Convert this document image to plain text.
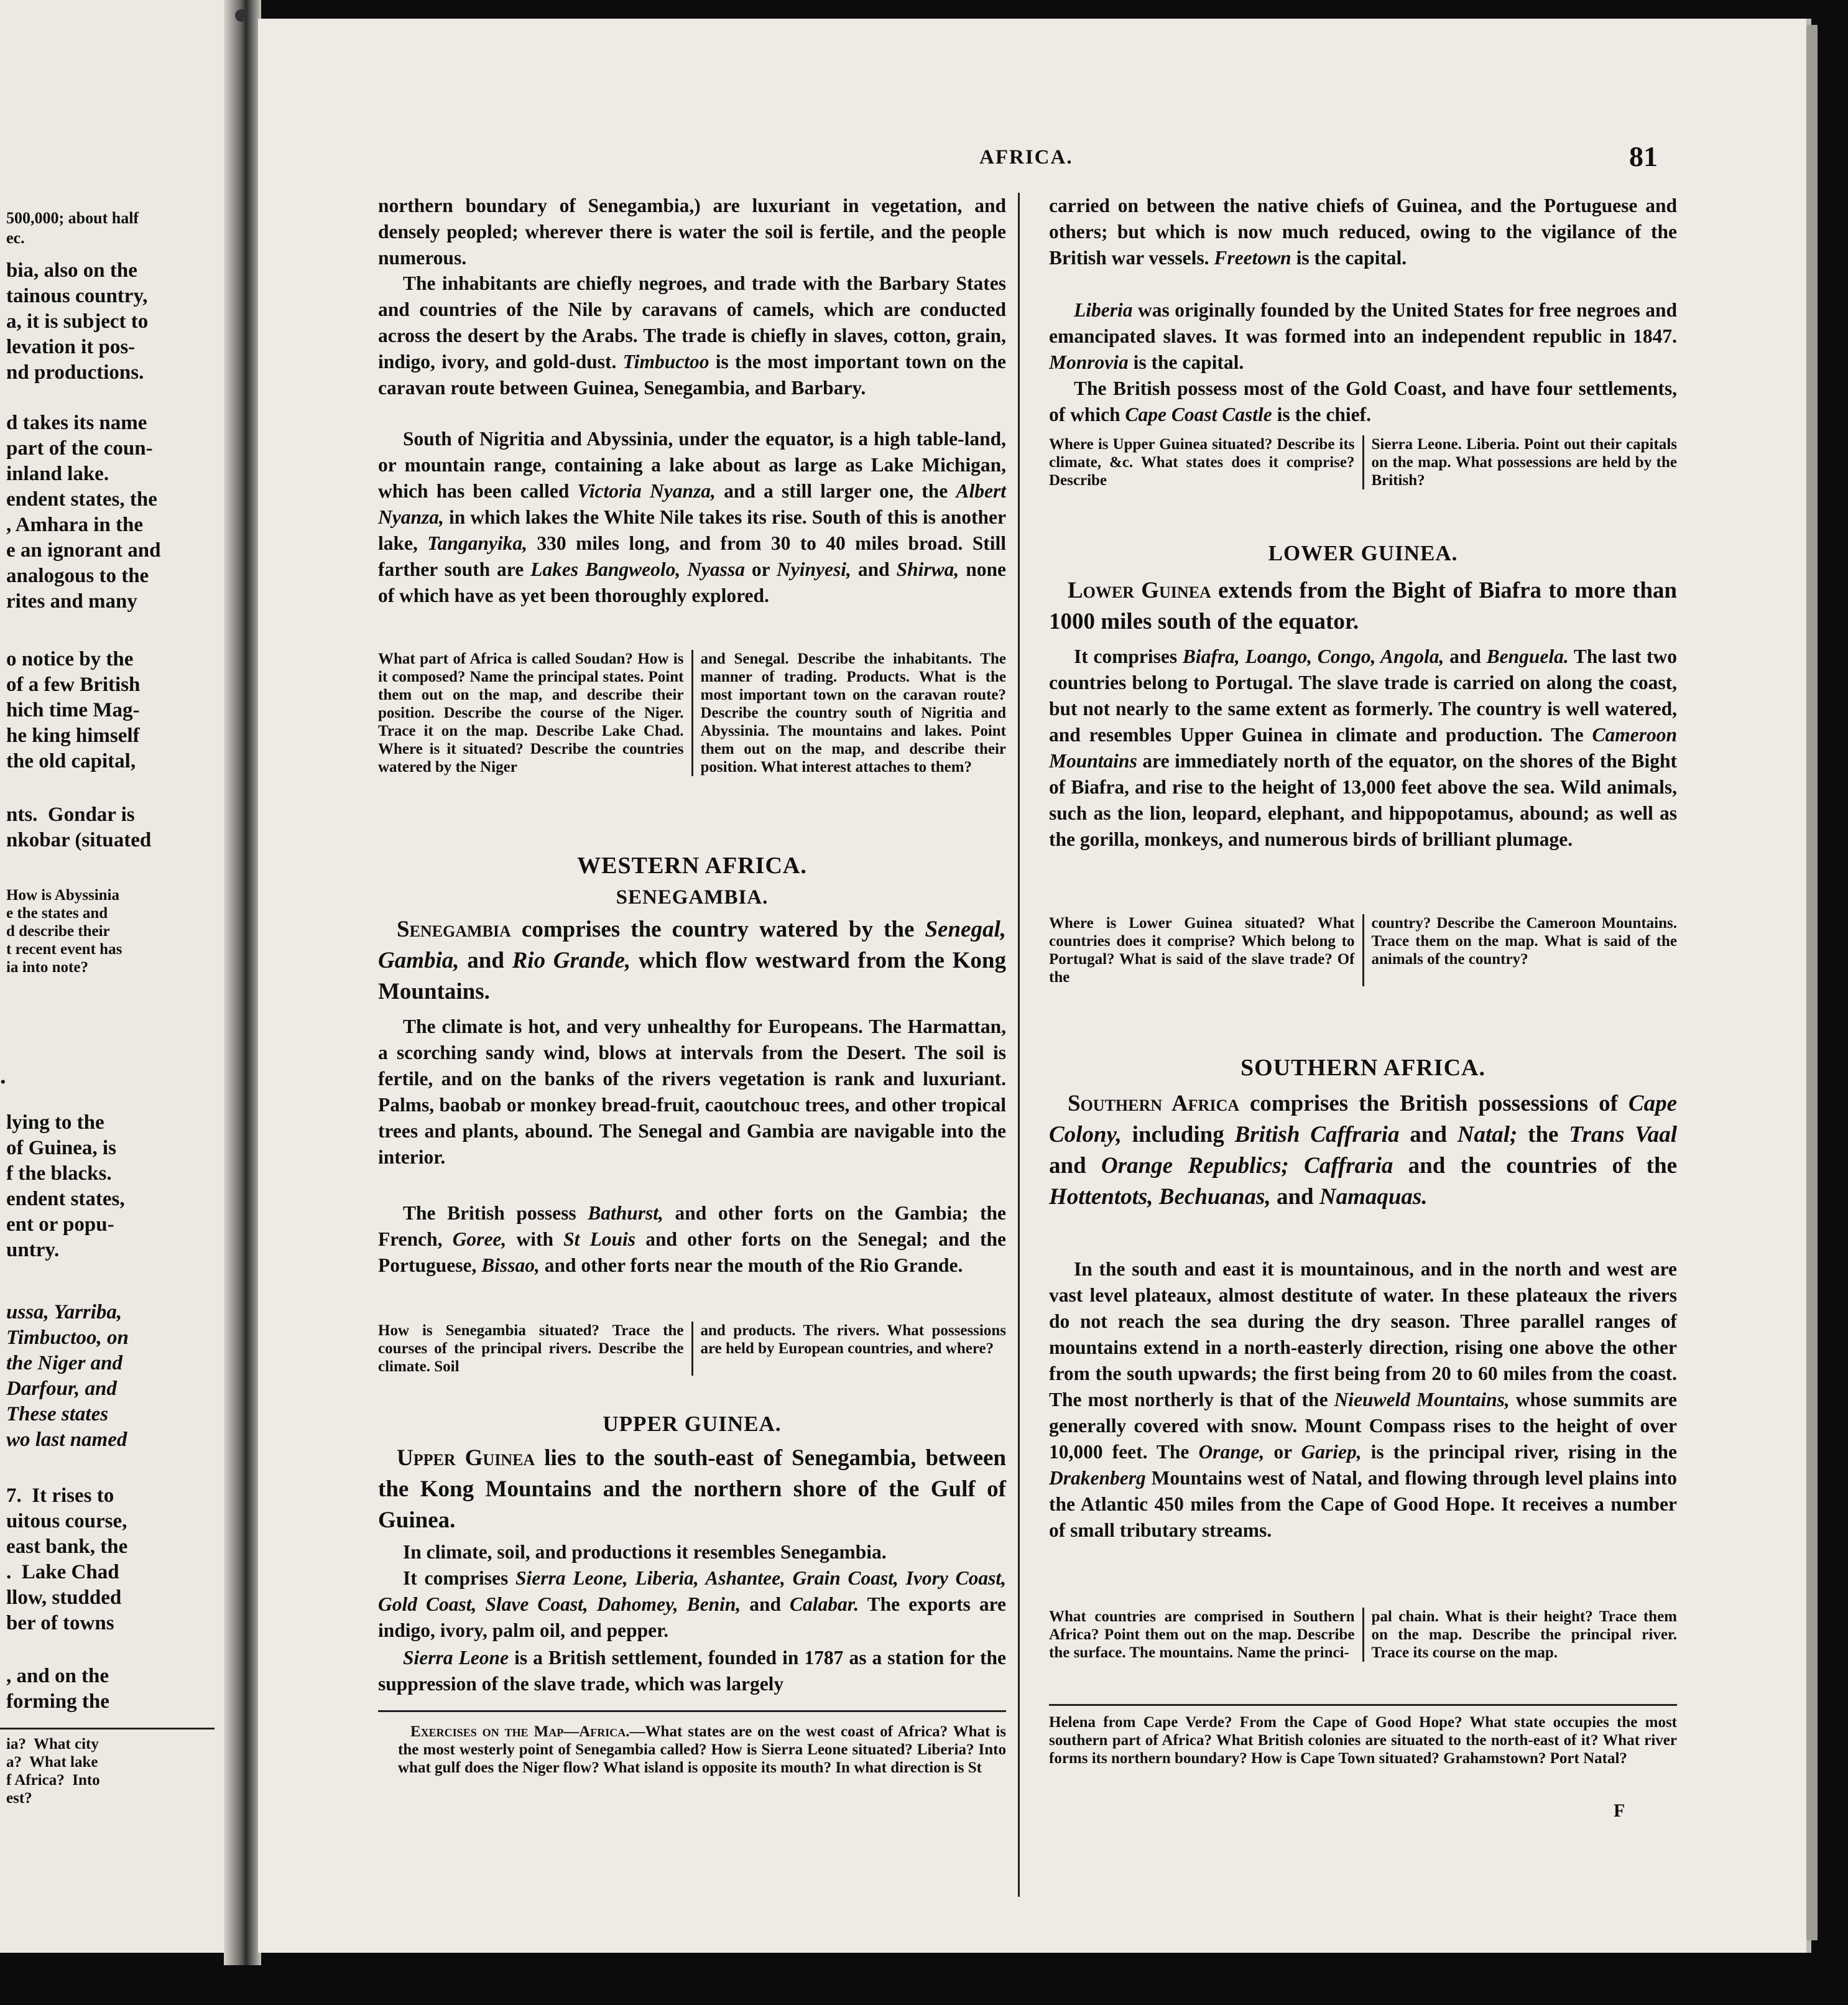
500,000; about half
ec.
bia, also on the
tainous country,
a, it is subject to
levation it pos-
nd productions.
d takes its name
part of the coun-
inland lake.
endent states, the
, Amhara in the
e an ignorant and
analogous to the
rites and many
o notice by the
of a few British
hich time Mag-
he king himself
the old capital,
nts.  Gondar is
nkobar (situated
How is Abyssinia
e the states and
d describe their
t recent event has
ia into note?
.
lying to the
of Guinea, is
f the blacks.
endent states,
ent or popu-
untry.
ussa, Yarriba,
Timbuctoo, on
the Niger and
Darfour, and
These states
wo last named
7.  It rises to
uitous course,
east bank, the
.  Lake Chad
llow, studded
ber of towns
, and on the
forming the
ia?  What city
a?  What lake
f Africa?  Into
est?
AFRICA.	81

northern boundary of Senegambia,) are luxuriant in vegetation, and densely peopled; wherever there is water the soil is fertile, and the people numerous.

The inhabitants are chiefly negroes, and trade with the Barbary States and countries of the Nile by caravans of camels, which are conducted across the desert by the Arabs. The trade is chiefly in slaves, cotton, grain, indigo, ivory, and gold-dust. Timbuctoo is the most important town on the caravan route between Guinea, Senegambia, and Barbary.

South of Nigritia and Abyssinia, under the equator, is a high table-land, or mountain range, containing a lake about as large as Lake Michigan, which has been called Victoria Nyanza, and a still larger one, the Albert Nyanza, in which lakes the White Nile takes its rise. South of this is another lake, Tanganyika, 330 miles long, and from 30 to 40 miles broad. Still farther south are Lakes Bangweolo, Nyassa or Nyinyesi, and Shirwa, none of which have as yet been thoroughly explored.

What part of Africa is called Soudan? How is it composed? Name the principal states. Point them out on the map, and describe their position. Describe the course of the Niger. Trace it on the map. Describe Lake Chad. Where is it situated? Describe the countries watered by the Niger
and Senegal. Describe the inhabitants. The manner of trading. Products. What is the most important town on the caravan route? Describe the country south of Nigritia and Abyssinia. The mountains and lakes. Point them out on the map, and describe their position. What interest attaches to them?
WESTERN AFRICA.
SENEGAMBIA.

Senegambia comprises the country watered by the Senegal, Gambia, and Rio Grande, which flow westward from the Kong Mountains.

The climate is hot, and very unhealthy for Europeans. The Harmattan, a scorching sandy wind, blows at intervals from the Desert. The soil is fertile, and on the banks of the rivers vegetation is rank and luxuriant. Palms, baobab or monkey bread-fruit, caoutchouc trees, and other tropical trees and plants, abound. The Senegal and Gambia are navigable into the interior.

The British possess Bathurst, and other forts on the Gambia; the French, Goree, with St Louis and other forts on the Senegal; and the Portuguese, Bissao, and other forts near the mouth of the Rio Grande.

How is Senegambia situated? Trace the courses of the principal rivers. Describe the climate. Soil
and products. The rivers. What possessions are held by European countries, and where?
UPPER GUINEA.

Upper Guinea lies to the south-east of Senegambia, between the Kong Mountains and the northern shore of the Gulf of Guinea.

In climate, soil, and productions it resembles Senegambia.

It comprises Sierra Leone, Liberia, Ashantee, Grain Coast, Ivory Coast, Gold Coast, Slave Coast, Dahomey, Benin, and Calabar. The exports are indigo, ivory, palm oil, and pepper.

Sierra Leone is a British settlement, founded in 1787 as a station for the suppression of the slave trade, which was largely

Exercises on the Map—Africa.—What states are on the west coast of Africa? What is the most westerly point of Senegambia called? How is Sierra Leone situated? Liberia? Into what gulf does the Niger flow? What island is opposite its mouth? In what direction is St

carried on between the native chiefs of Guinea, and the Portuguese and others; but which is now much reduced, owing to the vigilance of the British war vessels. Freetown is the capital.

Liberia was originally founded by the United States for free negroes and emancipated slaves. It was formed into an independent republic in 1847. Monrovia is the capital.

The British possess most of the Gold Coast, and have four settlements, of which Cape Coast Castle is the chief.

Where is Upper Guinea situated? Describe its climate, &c. What states does it comprise? Describe
Sierra Leone. Liberia. Point out their capitals on the map. What possessions are held by the British?
LOWER GUINEA.

Lower Guinea extends from the Bight of Biafra to more than 1000 miles south of the equator.

It comprises Biafra, Loango, Congo, Angola, and Benguela. The last two countries belong to Portugal. The slave trade is carried on along the coast, but not nearly to the same extent as formerly. The country is well watered, and resembles Upper Guinea in climate and production. The Cameroon Mountains are immediately north of the equator, on the shores of the Bight of Biafra, and rise to the height of 13,000 feet above the sea. Wild animals, such as the lion, leopard, elephant, and hippopotamus, abound; as well as the gorilla, monkeys, and numerous birds of brilliant plumage.

Where is Lower Guinea situated? What countries does it comprise? Which belong to Portugal? What is said of the slave trade? Of the
country? Describe the Cameroon Mountains. Trace them on the map. What is said of the animals of the country?
SOUTHERN AFRICA.

Southern Africa comprises the British possessions of Cape Colony, including British Caffraria and Natal; the Trans Vaal and Orange Republics; Caffraria and the countries of the Hottentots, Bechuanas, and Namaquas.

In the south and east it is mountainous, and in the north and west are vast level plateaux, almost destitute of water. In these plateaux the rivers do not reach the sea during the dry season. Three parallel ranges of mountains extend in a north-easterly direction, rising one above the other from the south upwards; the first being from 20 to 60 miles from the coast. The most northerly is that of the Nieuweld Mountains, whose summits are generally covered with snow. Mount Compass rises to the height of over 10,000 feet. The Orange, or Gariep, is the principal river, rising in the Drakenberg Mountains west of Natal, and flowing through level plains into the Atlantic 450 miles from the Cape of Good Hope. It receives a number of small tributary streams.

What countries are comprised in Southern Africa? Point them out on the map. Describe the surface. The mountains. Name the princi-
pal chain. What is their height? Trace them on the map. Describe the principal river. Trace its course on the map.

Helena from Cape Verde? From the Cape of Good Hope? What state occupies the most southern part of Africa? What British colonies are situated to the north-east of it? What river forms its northern boundary? How is Cape Town situated? Grahamstown? Port Natal?

F
